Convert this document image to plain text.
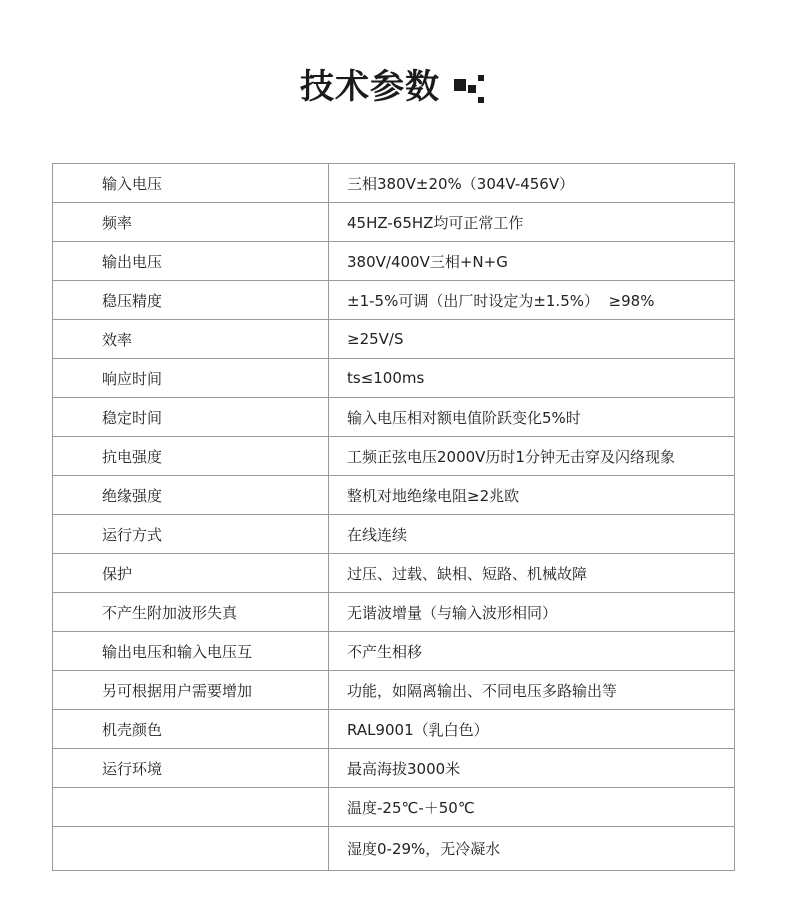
技术参数
输入电压	三相380V±20%（304V-456V）
频率	45HZ-65HZ均可正常工作
输出电压	380V/400V三相+N+G
稳压精度	±1-5%可调（出厂时设定为±1.5%）  ≥98%
效率	≥25V/S
响应时间	ts≤100ms
稳定时间	输入电压相对额电值阶跃变化5%时
抗电强度	工频正弦电压2000V历时1分钟无击穿及闪络现象
绝缘强度	整机对地绝缘电阻≥2兆欧
运行方式	在线连续
保护	过压、过载、缺相、短路、机械故障
不产生附加波形失真	无谐波增量（与输入波形相同）
输出电压和输入电压互	不产生相移
另可根据用户需要增加	功能，如隔离输出、不同电压多路输出等
机壳颜色	RAL9001（乳白色）
运行环境	最高海拔3000米
	温度-25℃-＋50℃
	湿度0-29%，无冷凝水
